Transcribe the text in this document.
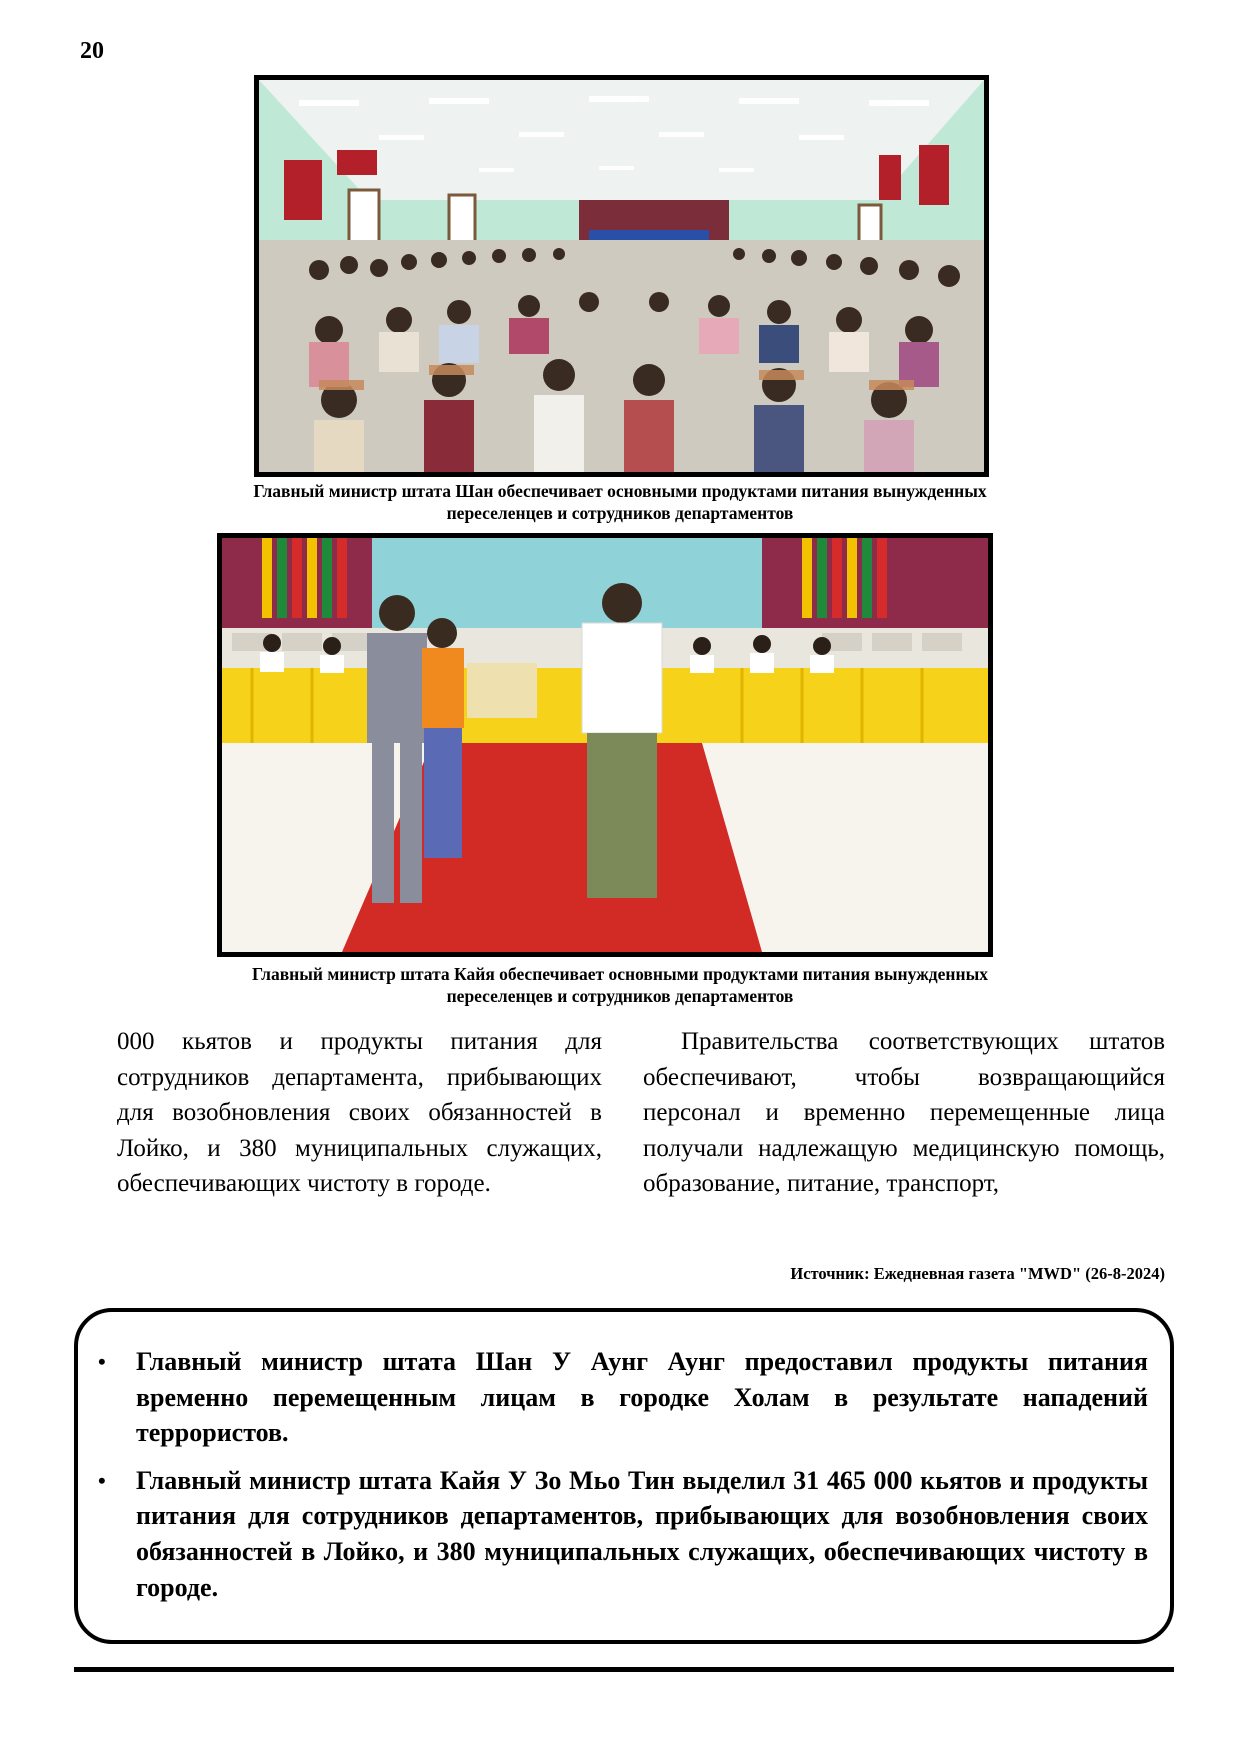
20
Главный министр штата Шан обеспечивает основными продуктами питания вынужденных
переселенцев и сотрудников департаментов
Главный министр штата Кайя обеспечивает основными продуктами питания вынужденных
переселенцев и сотрудников департаментов

000 кьятов и продукты питания для сотрудников департамента, прибывающих для возобновления своих обязанностей в Лойко, и 380 муниципальных служащих, обеспечивающих чистоту в городе.

Правительства соответствующих штатов обеспечивают, чтобы возвращающийся персонал и временно перемещенные лица получали надлежащую медицинскую помощь, образование, питание, транспорт,

Источник: Ежедневная газета "MWD" (26-8-2024)
• Главный министр штата Шан У Аунг Аунг предоставил продукты питания временно перемещенным лицам в городке Холам в результате нападений террористов.
• Главный министр штата Кайя У Зо Мьо Тин выделил 31 465 000 кьятов и продукты питания для сотрудников департаментов, прибывающих для возобновления своих обязанностей в Лойко, и 380 муниципальных служащих, обеспечивающих чистоту в городе.
